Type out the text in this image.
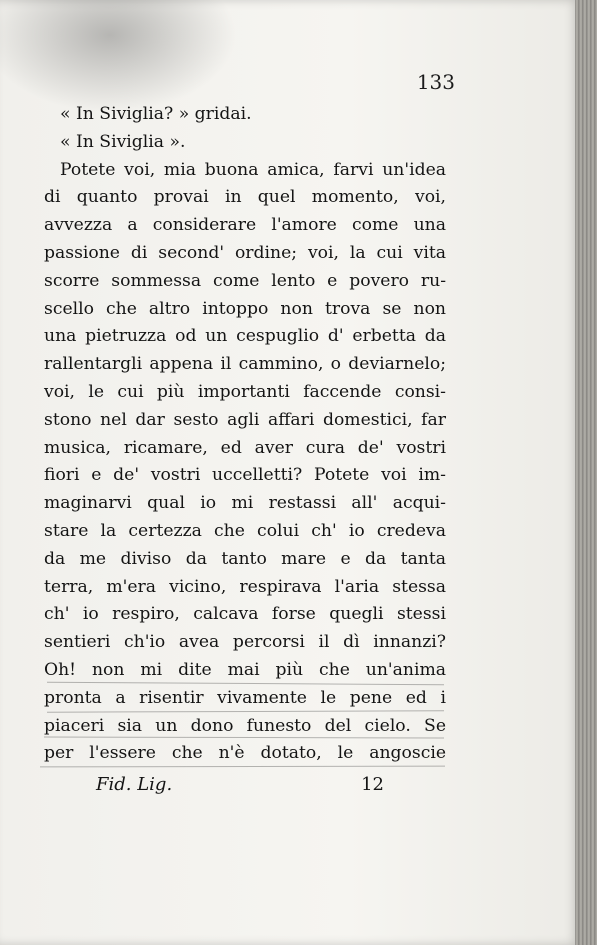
133
« In Siviglia? » gridai.
« In Siviglia ».
Potete voi, mia buona amica, farvi un'idea
di quanto provai in quel momento, voi,
avvezza a considerare l'amore come una
passione di second' ordine; voi, la cui vita
scorre sommessa come lento e povero ru-
scello che altro intoppo non trova se non
una pietruzza od un cespuglio d' erbetta da
rallentargli appena il cammino, o deviarnelo;
voi, le cui più importanti faccende consi-
stono nel dar sesto agli affari domestici, far
musica, ricamare, ed aver cura de' vostri
fiori e de' vostri uccelletti? Potete voi im-
maginarvi qual io mi restassi all' acqui-
stare la certezza che colui ch' io credeva
da me diviso da tanto mare e da tanta
terra, m'era vicino, respirava l'aria stessa
ch' io respiro, calcava forse quegli stessi
sentieri ch'io avea percorsi il dì innanzi?
Oh! non mi dite mai più che un'anima
pronta a risentir vivamente le pene ed i
piaceri sia un dono funesto del cielo. Se
per l'essere che n'è dotato, le angoscie
Fid. Lig.	12
